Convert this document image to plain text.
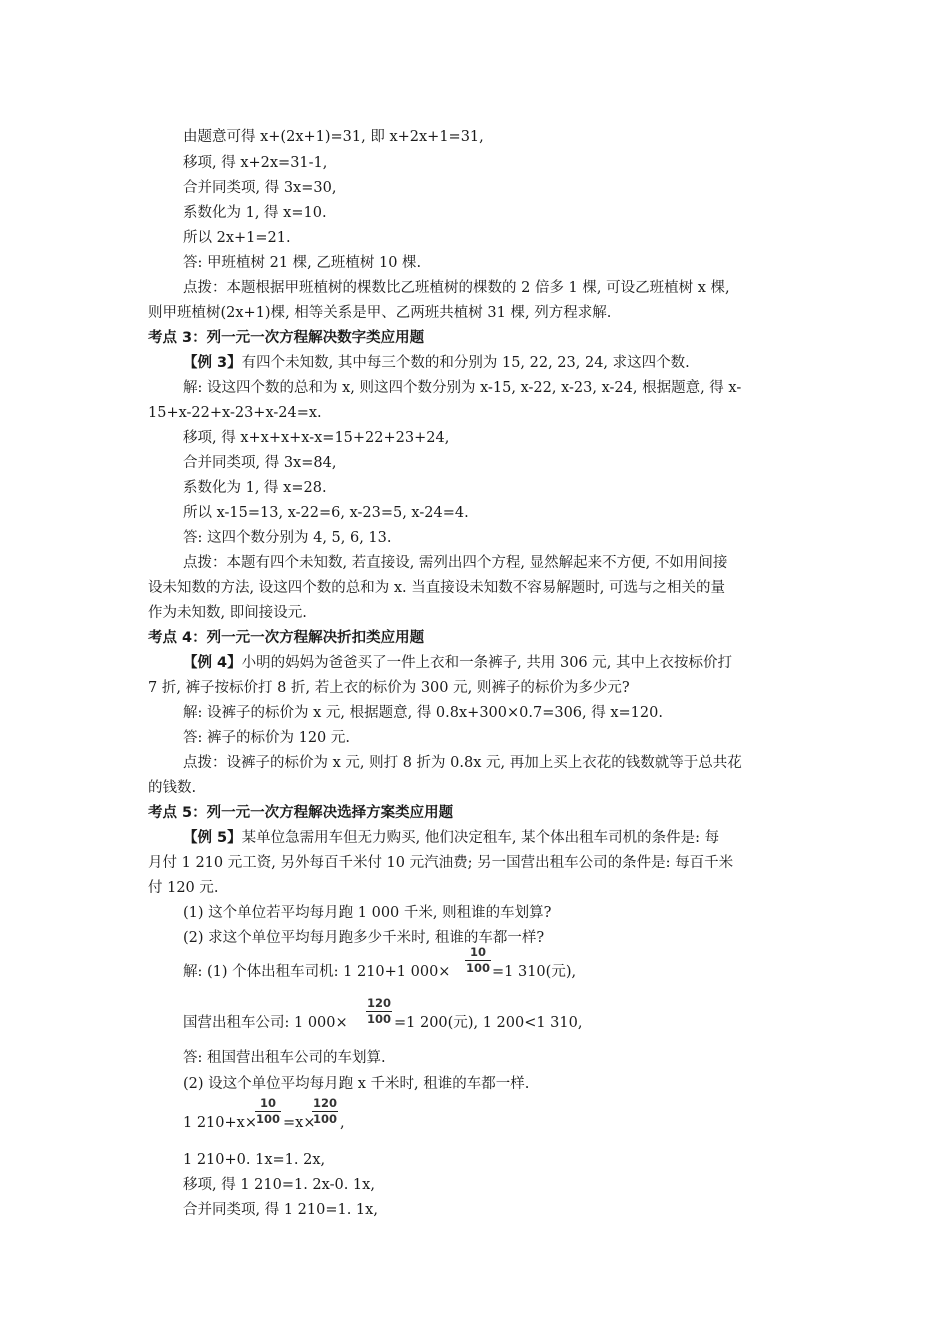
由题意可得 x+(2x+1)=31, 即 x+2x+1=31,
移项, 得 x+2x=31-1,
合并同类项, 得 3x=30,
系数化为 1, 得 x=10.
所以 2x+1=21.
答: 甲班植树 21 棵, 乙班植树 10 棵.
点拨：本题根据甲班植树的棵数比乙班植树的棵数的 2 倍多 1 棵, 可设乙班植树 x 棵,
则甲班植树(2x+1)棵, 相等关系是甲、乙两班共植树 31 棵, 列方程求解.
考点 3：列一元一次方程解决数字类应用题
【例 3】有四个未知数, 其中每三个数的和分别为 15, 22, 23, 24, 求这四个数.
解: 设这四个数的总和为 x, 则这四个数分别为 x-15, x-22, x-23, x-24, 根据题意, 得 x-
15+x-22+x-23+x-24=x.
移项, 得 x+x+x+x-x=15+22+23+24,
合并同类项, 得 3x=84,
系数化为 1, 得 x=28.
所以 x-15=13, x-22=6, x-23=5, x-24=4.
答: 这四个数分别为 4, 5, 6, 13.
点拨：本题有四个未知数, 若直接设, 需列出四个方程, 显然解起来不方便, 不如用间接
设未知数的方法, 设这四个数的总和为 x. 当直接设未知数不容易解题时, 可选与之相关的量
作为未知数, 即间接设元.
考点 4：列一元一次方程解决折扣类应用题
【例 4】小明的妈妈为爸爸买了一件上衣和一条裤子, 共用 306 元, 其中上衣按标价打
7 折, 裤子按标价打 8 折, 若上衣的标价为 300 元, 则裤子的标价为多少元?
解: 设裤子的标价为 x 元, 根据题意, 得 0.8x+300×0.7=306, 得 x=120.
答: 裤子的标价为 120 元.
点拨：设裤子的标价为 x 元, 则打 8 折为 0.8x 元, 再加上买上衣花的钱数就等于总共花
的钱数.
考点 5：列一元一次方程解决选择方案类应用题
【例 5】某单位急需用车但无力购买, 他们决定租车, 某个体出租车司机的条件是: 每
月付 1 210 元工资, 另外每百千米付 10 元汽油费; 另一国营出租车公司的条件是: 每百千米
付 120 元.
(1) 这个单位若平均每月跑 1 000 千米, 则租谁的车划算?
(2) 求这个单位平均每月跑多少千米时, 租谁的车都一样?
解: (1) 个体出租车司机: 1 210+1 000×
10
100 =1 310(元),
国营出租车公司: 1 000×
120
100 =1 200(元), 1 200<1 310,
答: 租国营出租车公司的车划算.
(2) 设这个单位平均每月跑 x 千米时, 租谁的车都一样.
1 210+x×
10
100 =x×
120
100 ,
1 210+0. 1x=1. 2x,
移项, 得 1 210=1. 2x-0. 1x,
合并同类项, 得 1 210=1. 1x,
